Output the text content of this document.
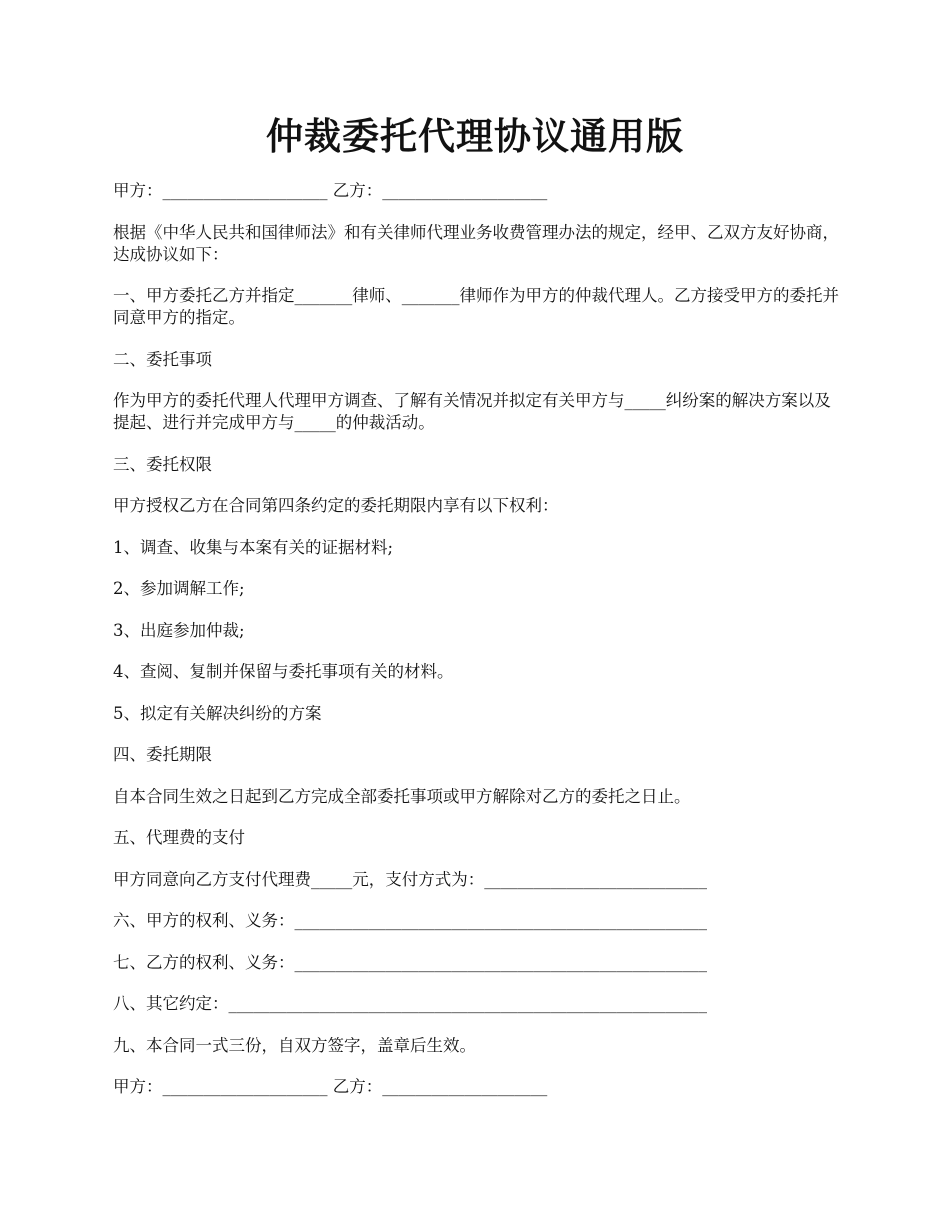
仲裁委托代理协议通用版

甲方：____________________ 乙方：____________________

根据《中华人民共和国律师法》和有关律师代理业务收费管理办法的规定，经甲、乙双方友好协商，达成协议如下：

一、甲方委托乙方并指定_______律师、_______律师作为甲方的仲裁代理人。乙方接受甲方的委托并同意甲方的指定。

二、委托事项

作为甲方的委托代理人代理甲方调查、了解有关情况并拟定有关甲方与_____纠纷案的解决方案以及提起、进行并完成甲方与_____的仲裁活动。

三、委托权限

甲方授权乙方在合同第四条约定的委托期限内享有以下权利：

1、调查、收集与本案有关的证据材料;

2、参加调解工作;

3、出庭参加仲裁;

4、查阅、复制并保留与委托事项有关的材料。

5、拟定有关解决纠纷的方案

四、委托期限

自本合同生效之日起到乙方完成全部委托事项或甲方解除对乙方的委托之日止。

五、代理费的支付

甲方同意向乙方支付代理费_____元，支付方式为：___________________________

六、甲方的权利、义务：__________________________________________________

七、乙方的权利、义务：__________________________________________________

八、其它约定：__________________________________________________________

九、本合同一式三份，自双方签字，盖章后生效。

甲方：____________________ 乙方：____________________
